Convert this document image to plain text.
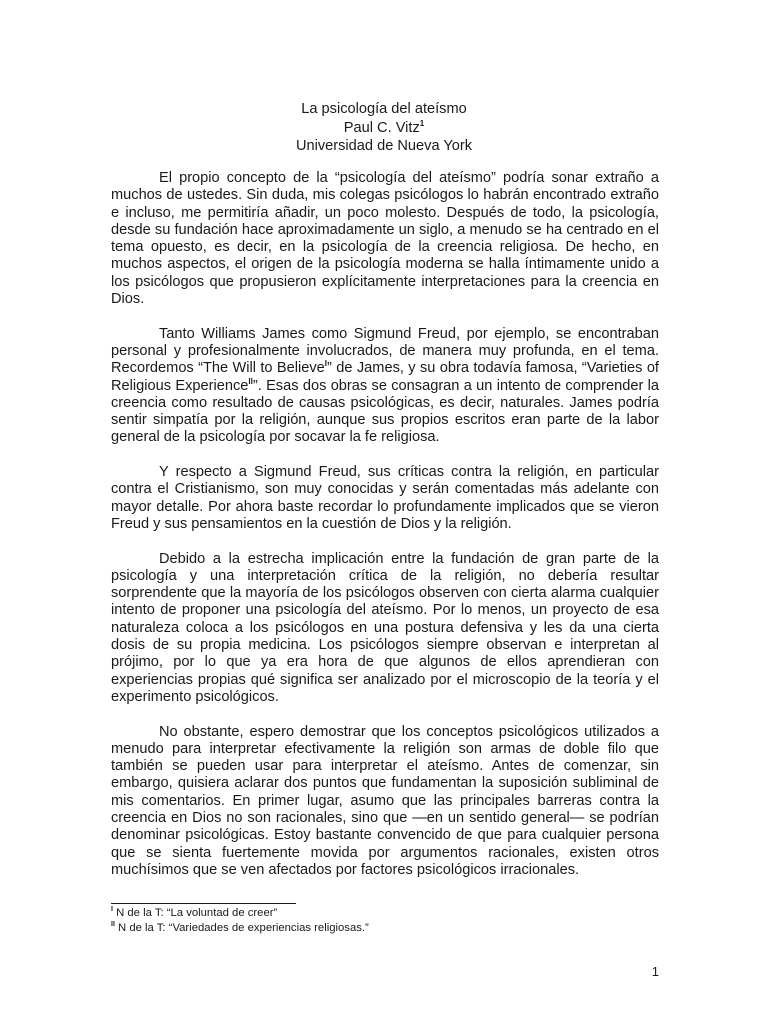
La psicología del ateísmo
Paul C. Vitz$^1$
Universidad de Nueva York

El propio concepto de la “psicología del ateísmo” podría sonar extraño a muchos de ustedes. Sin duda, mis colegas psicólogos lo habrán encontrado extraño e incluso, me permitiría añadir, un poco molesto. Después de todo, la psicología, desde su fundación hace aproximadamente un siglo, a menudo se ha centrado en el tema opuesto, es decir, en la psicología de la creencia religiosa. De hecho, en muchos aspectos, el origen de la psicología moderna se halla íntimamente unido a los psicólogos que propusieron explícitamente interpretaciones para la creencia en Dios.

Tanto Williams James como Sigmund Freud, por ejemplo, se encontraban personal y profesionalmente involucrados, de manera muy profunda, en el tema. Recordemos “The Will to Believe$^I$” de James, y su obra todavía famosa, “Varieties of Religious Experience$^{II}$”. Esas dos obras se consagran a un intento de comprender la creencia como resultado de causas psicológicas, es decir, naturales. James podría sentir simpatía por la religión, aunque sus propios escritos eran parte de la labor general de la psicología por socavar la fe religiosa.

Y respecto a Sigmund Freud, sus críticas contra la religión, en particular contra el Cristianismo, son muy conocidas y serán comentadas más adelante con mayor detalle. Por ahora baste recordar lo profundamente implicados que se vieron Freud y sus pensamientos en la cuestión de Dios y la religión.

Debido a la estrecha implicación entre la fundación de gran parte de la psicología y una interpretación crítica de la religión, no debería resultar sorprendente que la mayoría de los psicólogos observen con cierta alarma cualquier intento de proponer una psicología del ateísmo. Por lo menos, un proyecto de esa naturaleza coloca a los psicólogos en una postura defensiva y les da una cierta dosis de su propia medicina. Los psicólogos siempre observan e interpretan al prójimo, por lo que ya era hora de que algunos de ellos aprendieran con experiencias propias qué significa ser analizado por el microscopio de la teoría y el experimento psicológicos.

No obstante, espero demostrar que los conceptos psicológicos utilizados a menudo para interpretar efectivamente la religión son armas de doble filo que también se pueden usar para interpretar el ateísmo. Antes de comenzar, sin embargo, quisiera aclarar dos puntos que fundamentan la suposición subliminal de mis comentarios. En primer lugar, asumo que las principales barreras contra la creencia en Dios no son racionales, sino que —en un sentido general— se podrían denominar psicológicas. Estoy bastante convencido de que para cualquier persona que se sienta fuertemente movida por argumentos racionales, existen otros muchísimos que se ven afectados por factores psicológicos irracionales.

$^I$ N de la T: “La voluntad de creer”
$^{II}$ N de la T: “Variedades de experiencias religiosas.”
1
